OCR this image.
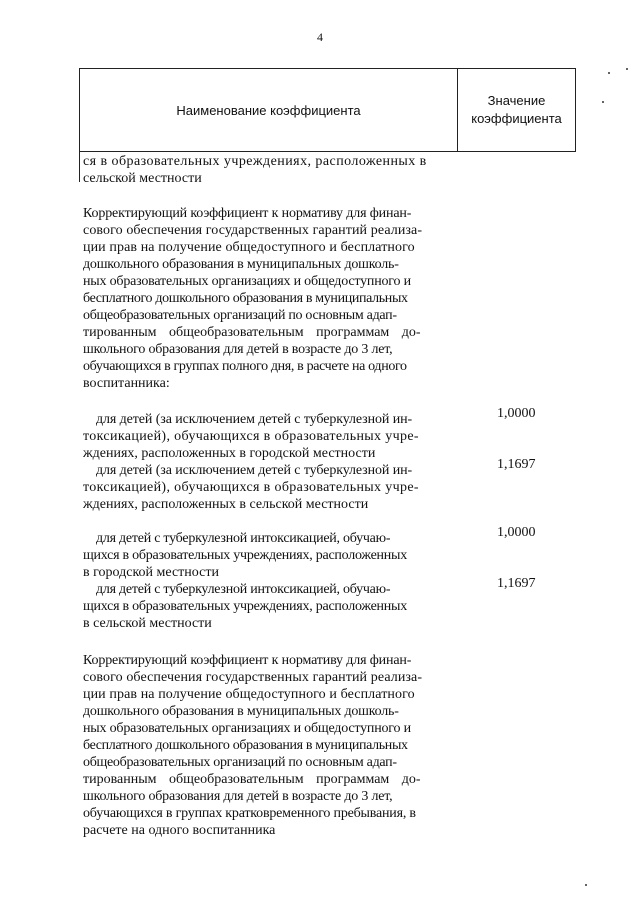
4
Наименование коэффициента
Значение
коэффициента
ся в образовательных учреждениях, расположенных в
сельской местности
Корректирующий коэффициент к нормативу для финан-
сового обеспечения государственных гарантий реализа-
ции прав на получение общедоступного и бесплатного
дошкольного образования в муниципальных дошколь-
ных образовательных организациях и общедоступного и
бесплатного дошкольного образования в муниципальных
общеобразовательных организаций по основным адап-
тированным общеобразовательным программам до-
школьного образования для детей в возрасте до 3 лет,
обучающихся в группах полного дня, в расчете на одного
воспитанника:
для детей (за исключением детей с туберкулезной ин-
токсикацией), обучающихся в образовательных учре-
ждениях, расположенных в городской местности
1,0000
для детей (за исключением детей с туберкулезной ин-
токсикацией), обучающихся в образовательных учре-
ждениях, расположенных в сельской местности
1,1697
для детей с туберкулезной интоксикацией, обучаю-
щихся в образовательных учреждениях, расположенных
в городской местности
1,0000
для детей с туберкулезной интоксикацией, обучаю-
щихся в образовательных учреждениях, расположенных
в сельской местности
1,1697
Корректирующий коэффициент к нормативу для финан-
сового обеспечения государственных гарантий реализа-
ции прав на получение общедоступного и бесплатного
дошкольного образования в муниципальных дошколь-
ных образовательных организациях и общедоступного и
бесплатного дошкольного образования в муниципальных
общеобразовательных организаций по основным адап-
тированным общеобразовательным программам до-
школьного образования для детей в возрасте до 3 лет,
обучающихся в группах кратковременного пребывания, в
расчете на одного воспитанника
